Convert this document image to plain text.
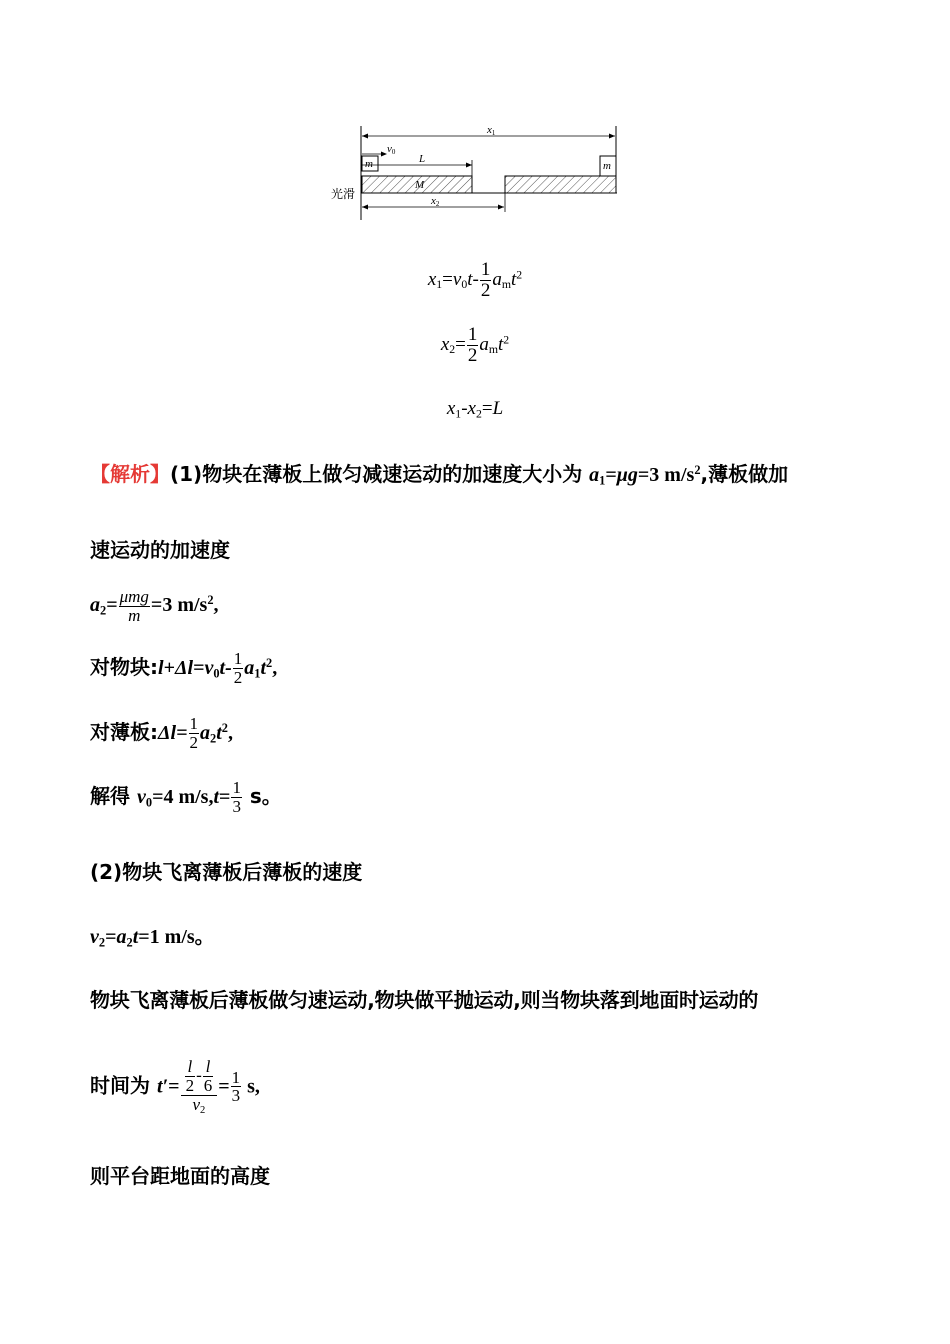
x1
v0
m	L
M
m
光滑	x2
$x_1=v_0t- \frac{1}{2} a_mt^2$
$x_2= \frac{1}{2} a_mt^2$
$x_1-x_2=L$
【解析】(1)物块在薄板上做匀减速运动的加速度大小为 $a_1=\mu g=3$ $m/s^2$,薄板做加
速运动的加速度
$a_2= \frac{\text{μmg}}{m} =3$ $m/s^2$,
对物块$:l+\Delta l=v_0t- \frac{1}{2} a_1t^2$,
对薄板:Δl= $\frac{1}{2} a_2t^2$,
解得 $v_0=4$ $m/s,t= \frac{1}{3}$ s。
(2)物块飞离薄板后薄板的速度
$v_2=a_2t=1$ m/s。
物块飞离薄板后薄板做匀速运动,物块做平抛运动,则当物块落到地面时运动的
时间为 $t'= \frac{\frac{l}{2} - \frac{l}{6}}{v_2} = \frac{1}{3} s$,
则平台距地面的高度
